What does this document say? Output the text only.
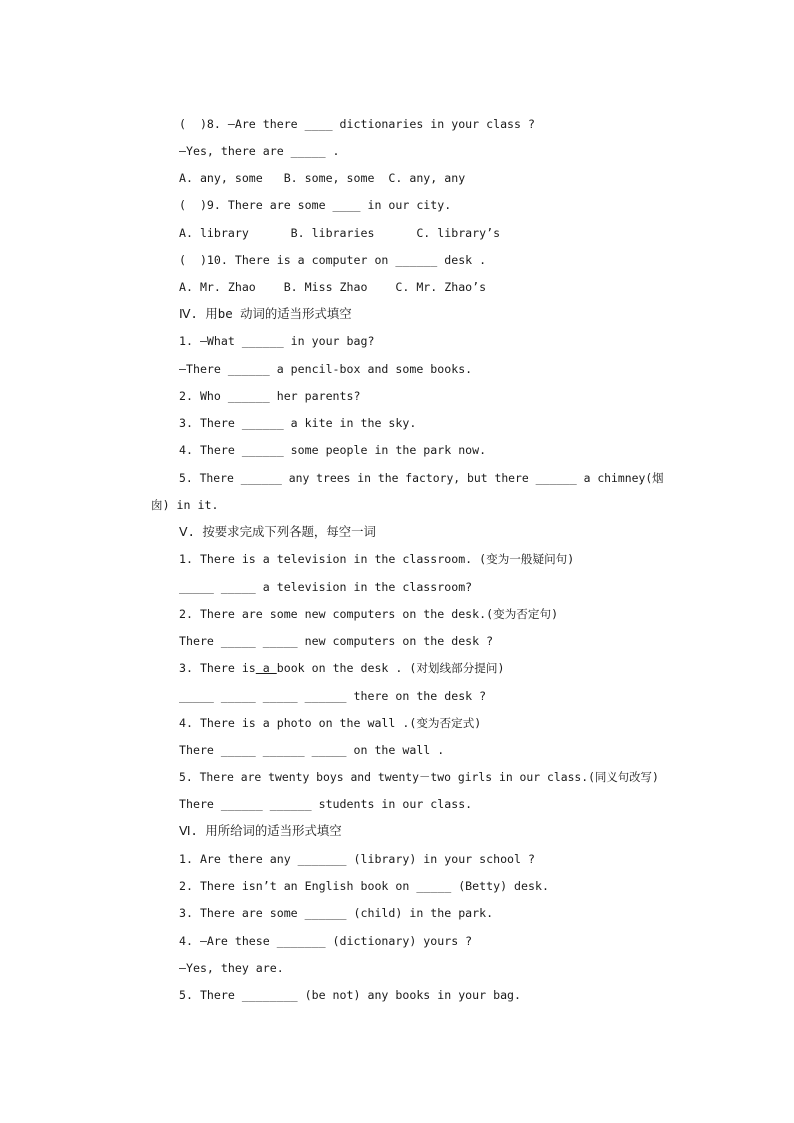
(  )8. —Are there ____ dictionaries in your class ?
—Yes, there are _____ .
A. any, some   B. some, some  C. any, any
(  )9. There are some ____ in our city.
A. library      B. libraries      C. library’s
(  )10. There is a computer on ______ desk .
A. Mr. Zhao    B. Miss Zhao    C. Mr. Zhao’s
Ⅳ. 用be 动词的适当形式填空
1. —What ______ in your bag?
—There ______ a pencil-box and some books.
2. Who ______ her parents?
3. There ______ a kite in the sky.
4. There ______ some people in the park now.
5. There ______ any trees in the factory, but there ______ a chimney(烟
囱) in it.
Ⅴ. 按要求完成下列各题，每空一词
1. There is a television in the classroom. (变为一般疑问句)
_____ _____ a television in the classroom?
2. There are some new computers on the desk.(变为否定句)
There _____ _____ new computers on the desk ?
3. There is a book on the desk . (对划线部分提问)
_____ _____ _____ ______ there on the desk ?
4. There is a photo on the wall .(变为否定式)
There _____ ______ _____ on the wall .
5. There are twenty boys and twenty－two girls in our class.(同义句改写)
There ______ ______ students in our class.
Ⅵ. 用所给词的适当形式填空
1. Are there any _______ (library) in your school ?
2. There isn’t an English book on _____ (Betty) desk.
3. There are some ______ (child) in the park.
4. —Are these _______ (dictionary) yours ?
—Yes, they are.
5. There ________ (be not) any books in your bag.
